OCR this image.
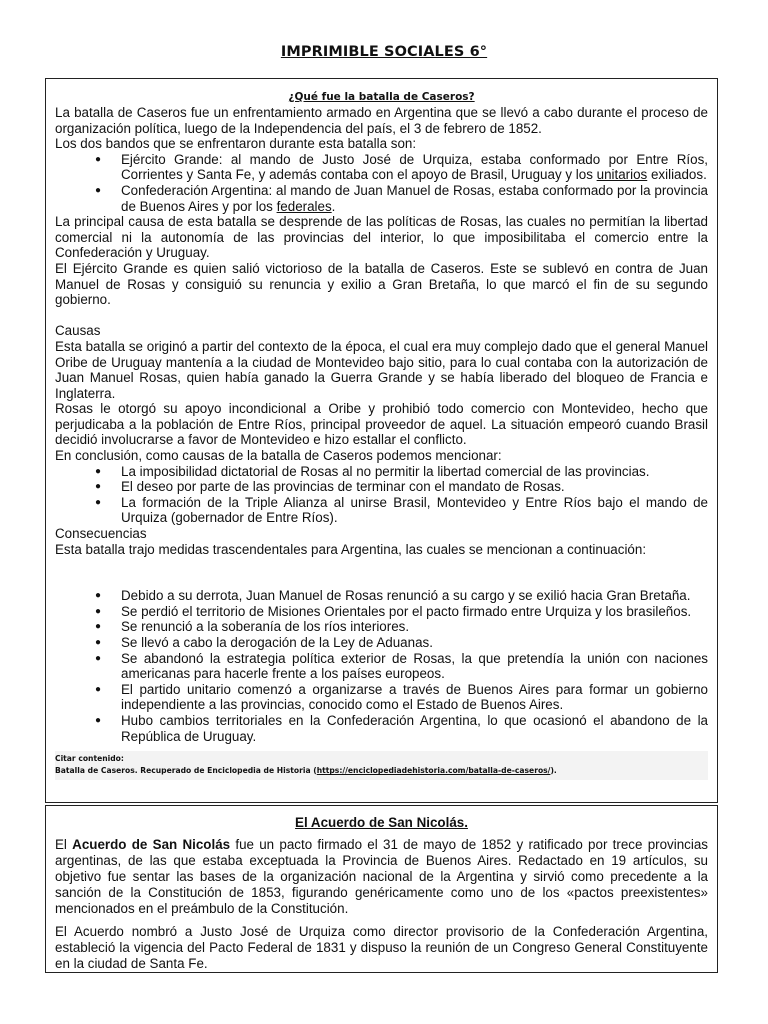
IMPRIMIBLE SOCIALES 6°

¿Qué fue la batalla de Caseros?

La batalla de Caseros fue un enfrentamiento armado en Argentina que se llevó a cabo durante el proceso de organización política, luego de la Independencia del país, el 3 de febrero de 1852.

Los dos bandos que se enfrentaron durante esta batalla son:

● Ejército Grande: al mando de Justo José de Urquiza, estaba conformado por Entre Ríos, Corrientes y Santa Fe, y además contaba con el apoyo de Brasil, Uruguay y los unitarios exiliados.
● Confederación Argentina: al mando de Juan Manuel de Rosas, estaba conformado por la provincia de Buenos Aires y por los federales.

La principal causa de esta batalla se desprende de las políticas de Rosas, las cuales no permitían la libertad comercial ni la autonomía de las provincias del interior, lo que imposibilitaba el comercio entre la Confederación y Uruguay.

El Ejército Grande es quien salió victorioso de la batalla de Caseros. Este se sublevó en contra de Juan Manuel de Rosas y consiguió su renuncia y exilio a Gran Bretaña, lo que marcó el fin de su segundo gobierno.

Causas

Esta batalla se originó a partir del contexto de la época, el cual era muy complejo dado que el general Manuel Oribe de Uruguay mantenía a la ciudad de Montevideo bajo sitio, para lo cual contaba con la autorización de Juan Manuel Rosas, quien había ganado la Guerra Grande y se había liberado del bloqueo de Francia e Inglaterra.

Rosas le otorgó su apoyo incondicional a Oribe y prohibió todo comercio con Montevideo, hecho que perjudicaba a la población de Entre Ríos, principal proveedor de aquel. La situación empeoró cuando Brasil decidió involucrarse a favor de Montevideo e hizo estallar el conflicto.

En conclusión, como causas de la batalla de Caseros podemos mencionar:

● La imposibilidad dictatorial de Rosas al no permitir la libertad comercial de las provincias.
● El deseo por parte de las provincias de terminar con el mandato de Rosas.
● La formación de la Triple Alianza al unirse Brasil, Montevideo y Entre Ríos bajo el mando de Urquiza (gobernador de Entre Ríos).

Consecuencias

Esta batalla trajo medidas trascendentales para Argentina, las cuales se mencionan a continuación:

● Debido a su derrota, Juan Manuel de Rosas renunció a su cargo y se exilió hacia Gran Bretaña.
● Se perdió el territorio de Misiones Orientales por el pacto firmado entre Urquiza y los brasileños.
● Se renunció a la soberanía de los ríos interiores.
● Se llevó a cabo la derogación de la Ley de Aduanas.
● Se abandonó la estrategia política exterior de Rosas, la que pretendía la unión con naciones americanas para hacerle frente a los países europeos.
● El partido unitario comenzó a organizarse a través de Buenos Aires para formar un gobierno independiente a las provincias, conocido como el Estado de Buenos Aires.
● Hubo cambios territoriales en la Confederación Argentina, lo que ocasionó el abandono de la República de Uruguay.

Citar contenido:

Batalla de Caseros. Recuperado de Enciclopedia de Historia (https://enciclopediadehistoria.com/batalla-de-caseros/).

El Acuerdo de San Nicolás.

El Acuerdo de San Nicolás fue un pacto firmado el 31 de mayo de 1852 y ratificado por trece provincias argentinas, de las que estaba exceptuada la Provincia de Buenos Aires. Redactado en 19 artículos, su objetivo fue sentar las bases de la organización nacional de la Argentina y sirvió como precedente a la sanción de la Constitución de 1853, figurando genéricamente como uno de los «pactos preexistentes» mencionados en el preámbulo de la Constitución.

El Acuerdo nombró a Justo José de Urquiza como director provisorio de la Confederación Argentina, estableció la vigencia del Pacto Federal de 1831 y dispuso la reunión de un Congreso General Constituyente en la ciudad de Santa Fe.
